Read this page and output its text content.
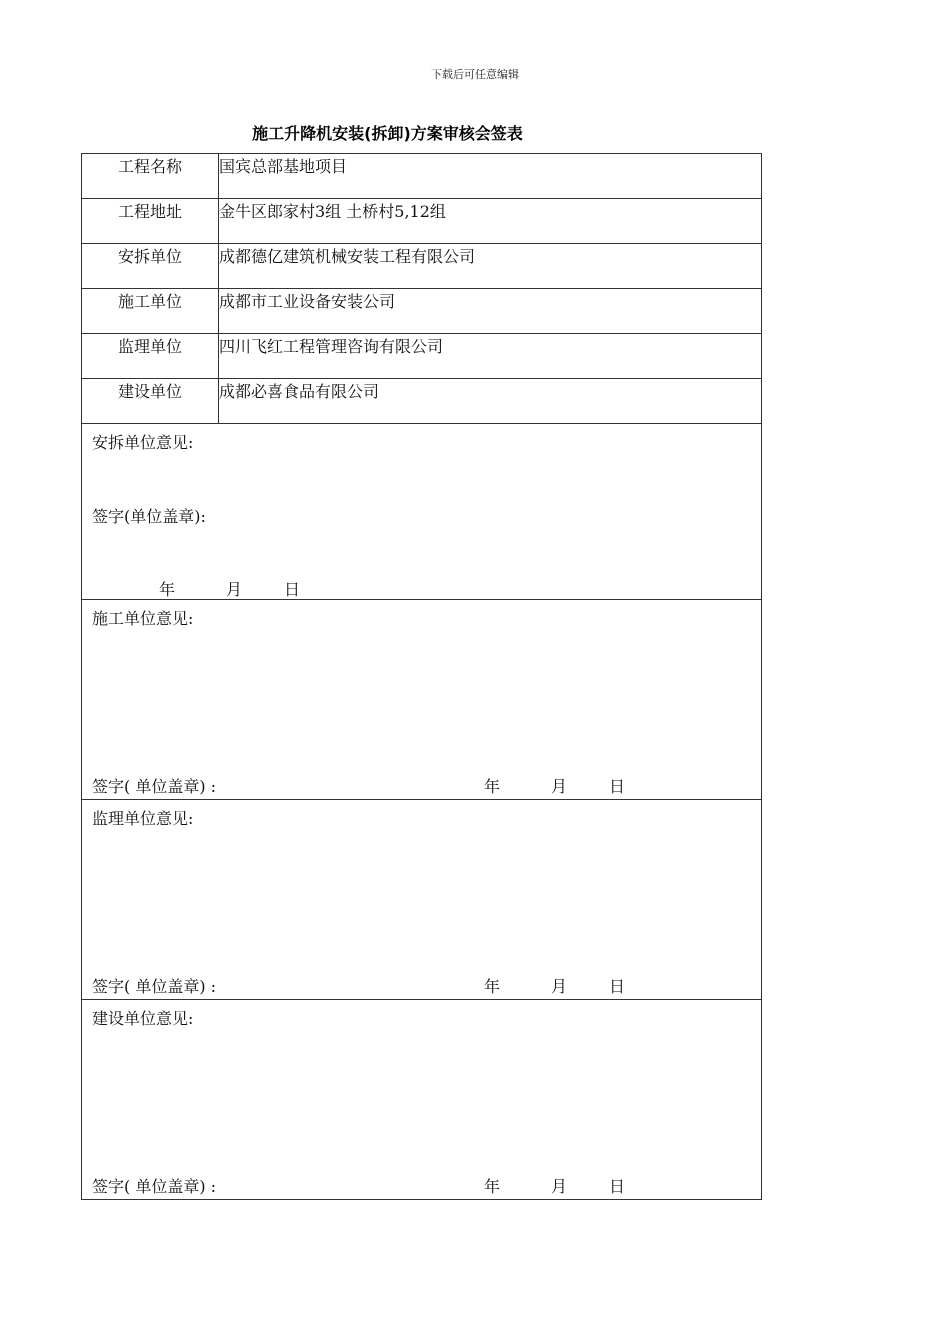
下载后可任意编辑
施工升降机安装(拆卸)方案审核会签表
工程名称	国宾总部基地项目
工程地址	金牛区郎家村3组 土桥村5,12组
安拆单位	成都德亿建筑机械安装工程有限公司
施工单位	成都市工业设备安装公司
监理单位	四川飞红工程管理咨询有限公司
建设单位	成都必喜食品有限公司

安拆单位意见:
签字(单位盖章):
年 月 日	

施工单位意见:
签字( 单位盖章) : 年 月 日	

监理单位意见:
签字( 单位盖章) : 年 月 日	

建设单位意见:
签字( 单位盖章) : 年 月 日	
